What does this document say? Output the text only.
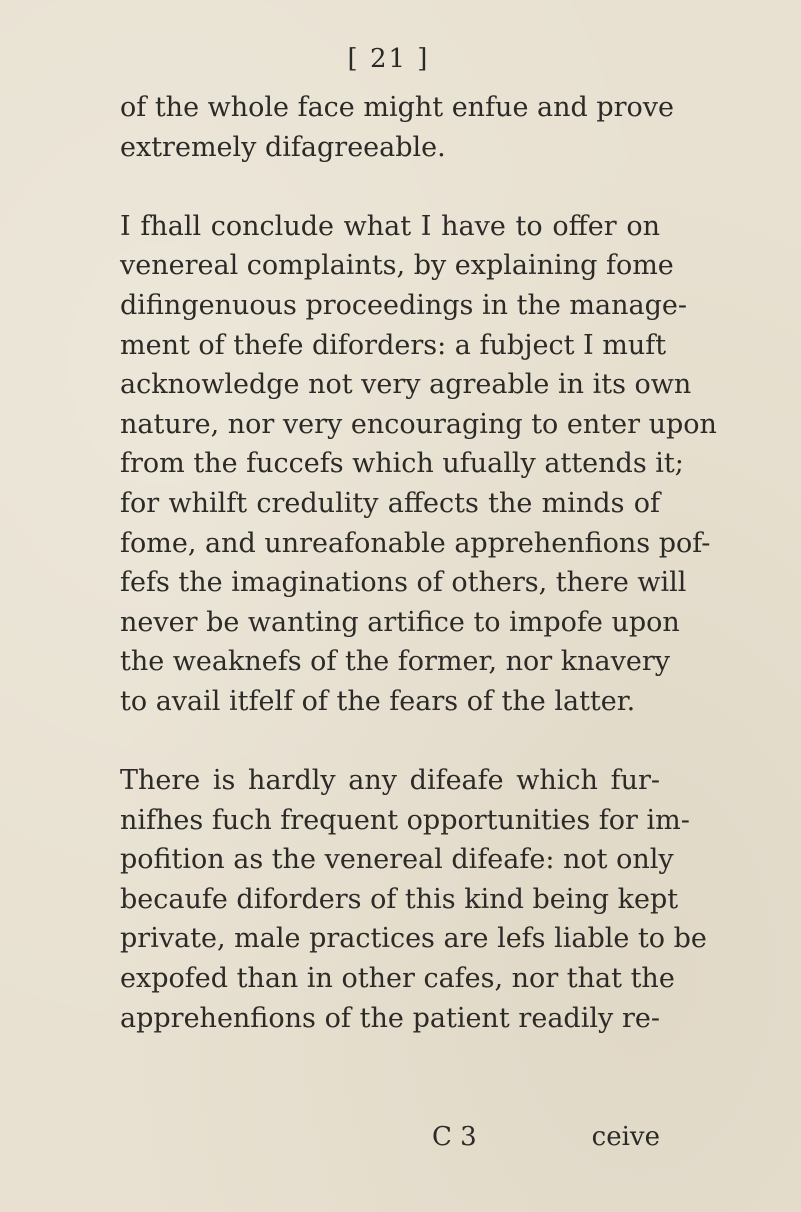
[ 21 ]
of the whole face might enfue and prove
extremely difagreeable.
I fhall conclude what I have to offer on
venereal complaints, by explaining fome
difingenuous proceedings in the manage-
ment of thefe diforders: a fubject I muft
acknowledge not very agreable in its own
nature, nor very encouraging to enter upon
from the fuccefs which ufually attends it;
for whilft credulity affects the minds of
fome, and unreafonable apprehenfions pof-
fefs the imaginations of others, there will
never be wanting artifice to impofe upon
the weaknefs of the former, nor knavery
to avail itfelf of the fears of the latter.
There is hardly any difeafe which fur-
nifhes fuch frequent opportunities for im-
pofition as the venereal difeafe: not only
becaufe diforders of this kind being kept
private, male practices are lefs liable to be
expofed than in other cafes, nor that the
apprehenfions of the patient readily re-
C 3	ceive
